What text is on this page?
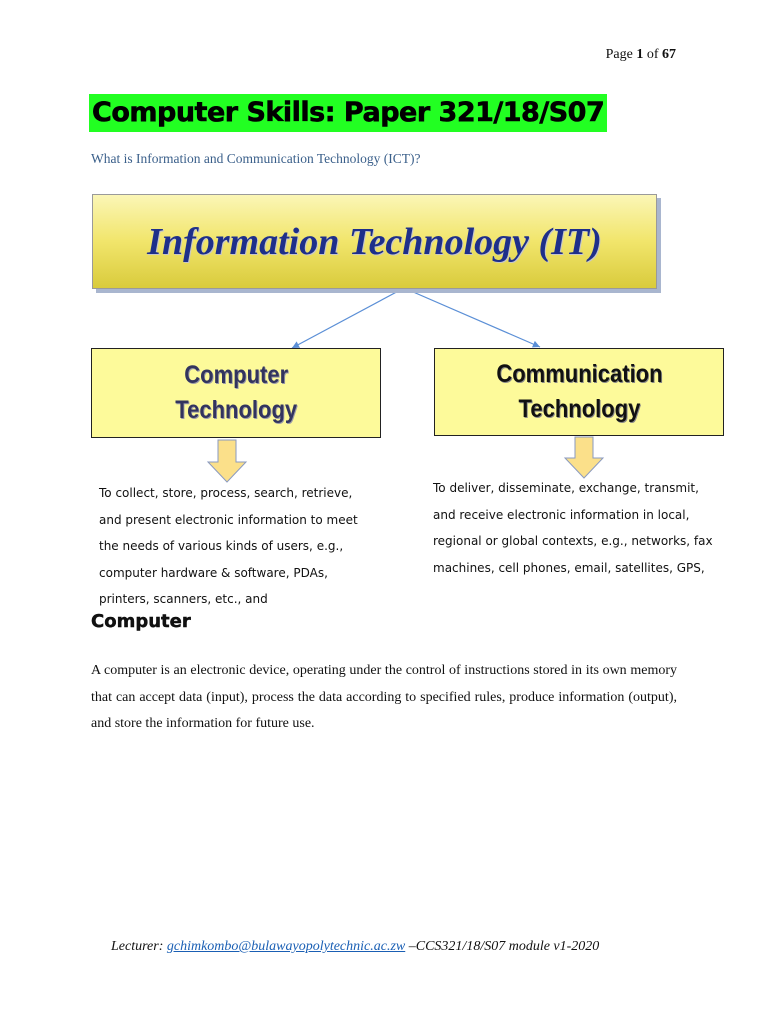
Page 1 of 67
Computer Skills: Paper 321/18/S07
What is Information and Communication Technology (ICT)?
Information Technology (IT)
Computer
Technology
Communication
Technology
To collect, store, process, search, retrieve,
and present electronic information to meet
the needs of various kinds of users, e.g.,
computer hardware & software, PDAs,
printers, scanners, etc., and
To deliver, disseminate, exchange, transmit,
and receive electronic information in local,
regional or global contexts, e.g., networks, fax
machines, cell phones, email, satellites, GPS,
Computer
A computer is an electronic device, operating under the control of instructions stored in its own memory that can accept data (input), process the data according to specified rules, produce information (output), and store the information for future use.
Lecturer: gchimkombo@bulawayopolytechnic.ac.zw –CCS321/18/S07 module v1-2020
